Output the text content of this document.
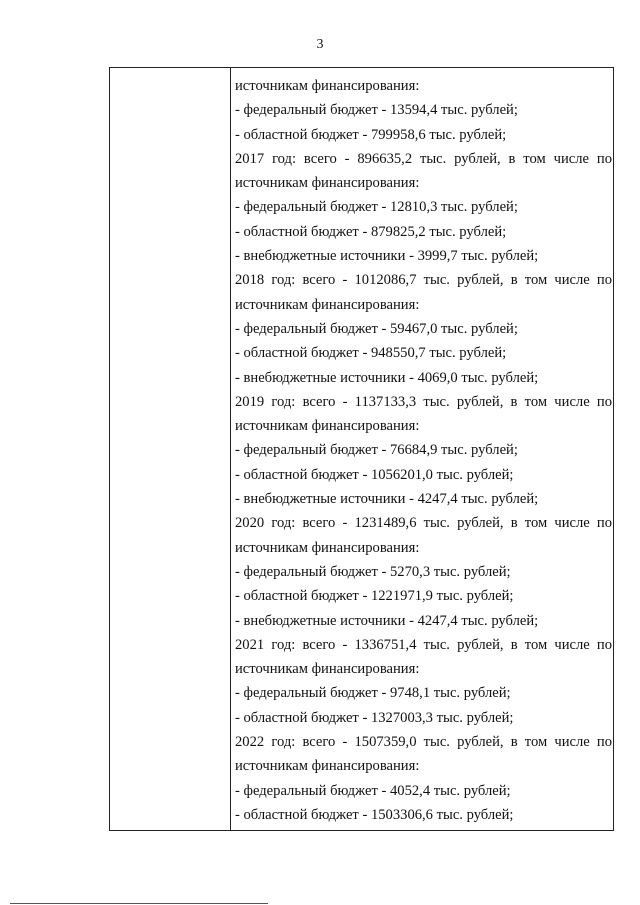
3
источникам финансирования:
- федеральный бюджет - 13594,4 тыс. рублей;
- областной бюджет - 799958,6 тыс. рублей;
2017 год: всего - 896635,2 тыс. рублей, в том числе по
источникам финансирования:
- федеральный бюджет - 12810,3 тыс. рублей;
- областной бюджет - 879825,2 тыс. рублей;
- внебюджетные источники - 3999,7 тыс. рублей;
2018 год: всего - 1012086,7 тыс. рублей, в том числе по
источникам финансирования:
- федеральный бюджет - 59467,0 тыс. рублей;
- областной бюджет - 948550,7 тыс. рублей;
- внебюджетные источники - 4069,0 тыс. рублей;
2019 год: всего - 1137133,3 тыс. рублей, в том числе по
источникам финансирования:
- федеральный бюджет - 76684,9 тыс. рублей;
- областной бюджет - 1056201,0 тыс. рублей;
- внебюджетные источники - 4247,4 тыс. рублей;
2020 год: всего - 1231489,6 тыс. рублей, в том числе по
источникам финансирования:
- федеральный бюджет - 5270,3 тыс. рублей;
- областной бюджет - 1221971,9 тыс. рублей;
- внебюджетные источники - 4247,4 тыс. рублей;
2021 год: всего - 1336751,4 тыс. рублей, в том числе по
источникам финансирования:
- федеральный бюджет - 9748,1 тыс. рублей;
- областной бюджет - 1327003,3 тыс. рублей;
2022 год: всего - 1507359,0 тыс. рублей, в том числе по
источникам финансирования:
- федеральный бюджет - 4052,4 тыс. рублей;
- областной бюджет - 1503306,6 тыс. рублей;
